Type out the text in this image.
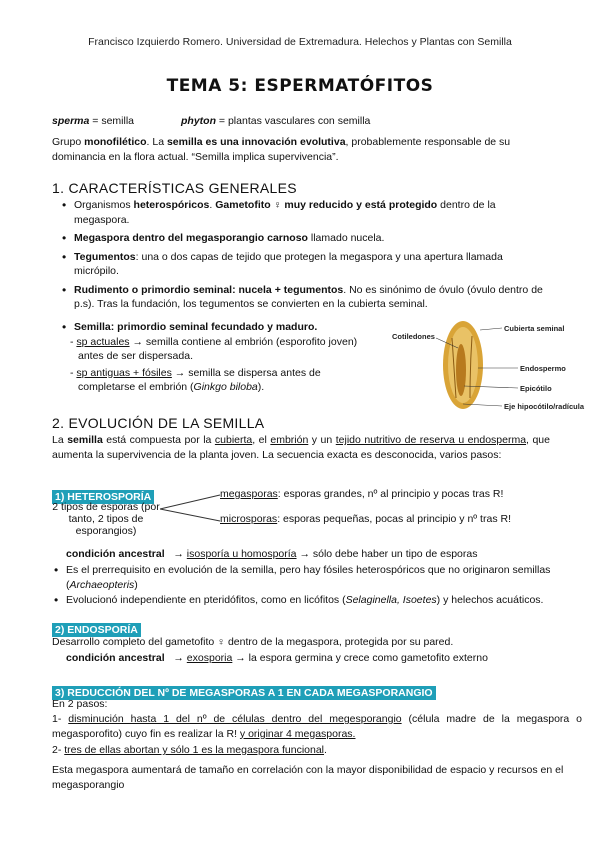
Francisco Izquierdo Romero. Universidad de Extremadura. Helechos y Plantas con Semilla
TEMA 5: ESPERMATÓFITOS
sperma = semilla	phyton = plantas vasculares con semilla
Grupo monofilético. La semilla es una innovación evolutiva, probablemente responsable de su dominancia en la flora actual. “Semilla implica supervivencia”.
1. CARACTERÍSTICAS GENERALES
• Organismos heterospóricos. Gametofito ♀ muy reducido y está protegido dentro de la megaspora.
• Megaspora dentro del megasporangio carnoso llamado nucela.
• Tegumentos: una o dos capas de tejido que protegen la megaspora y una apertura llamada micrópilo.
• Rudimento o primordio seminal: nucela + tegumentos. No es sinónimo de óvulo (óvulo dentro de p.s). Tras la fundación, los tegumentos se convierten en la cubierta seminal.
• Semilla: primordio seminal fecundado y maduro.
- sp actuales → semilla contiene al embrión (esporofito joven) antes de ser dispersada.
- sp antiguas + fósiles → semilla se dispersa antes de completarse el embrión (Ginkgo biloba).
Cotiledones
Cubierta seminal
Endospermo
Epicótilo
Eje hipocótilo/radícula
2. EVOLUCIÓN DE LA SEMILLA
La semilla está compuesta por la cubierta, el embrión y un tejido nutritivo de reserva u endosperma, que aumenta la supervivencia de la planta joven. La secuencia exacta es desconocida, varios pasos:
1) HETEROSPORÍA
2 tipos de esporas (por tanto, 2 tipos de esporangios)
megasporas: esporas grandes, nº al principio y pocas tras R!
microsporas: esporas pequeñas, pocas al principio y nº tras R!
condición ancestral   → isosporía u homosporía → sólo debe haber un tipo de esporas
• Es el prerrequisito en evolución de la semilla, pero hay fósiles heterospóricos que no originaron semillas (Archaeopteris)
• Evolucionó independiente en pteridófitos, como en licófitos (Selaginella, Isoetes) y helechos acuáticos.
2) ENDOSPORÍA
Desarrollo completo del gametofito ♀ dentro de la megaspora, protegida por su pared.
condición ancestral   → exosporia → la espora germina y crece como gametofito externo
3) REDUCCIÓN DEL Nº DE MEGASPORAS A 1 EN CADA MEGASPORANGIO
En 2 pasos:
1- disminución hasta 1 del nº de células dentro del megesporangio (célula madre de la megaspora o megasporofito) cuyo fin es realizar la R! y originar 4 megasporas.
2- tres de ellas abortan y sólo 1 es la megaspora funcional.
Esta megaspora aumentará de tamaño en correlación con la mayor disponibilidad de espacio y recursos en el megasporangio
